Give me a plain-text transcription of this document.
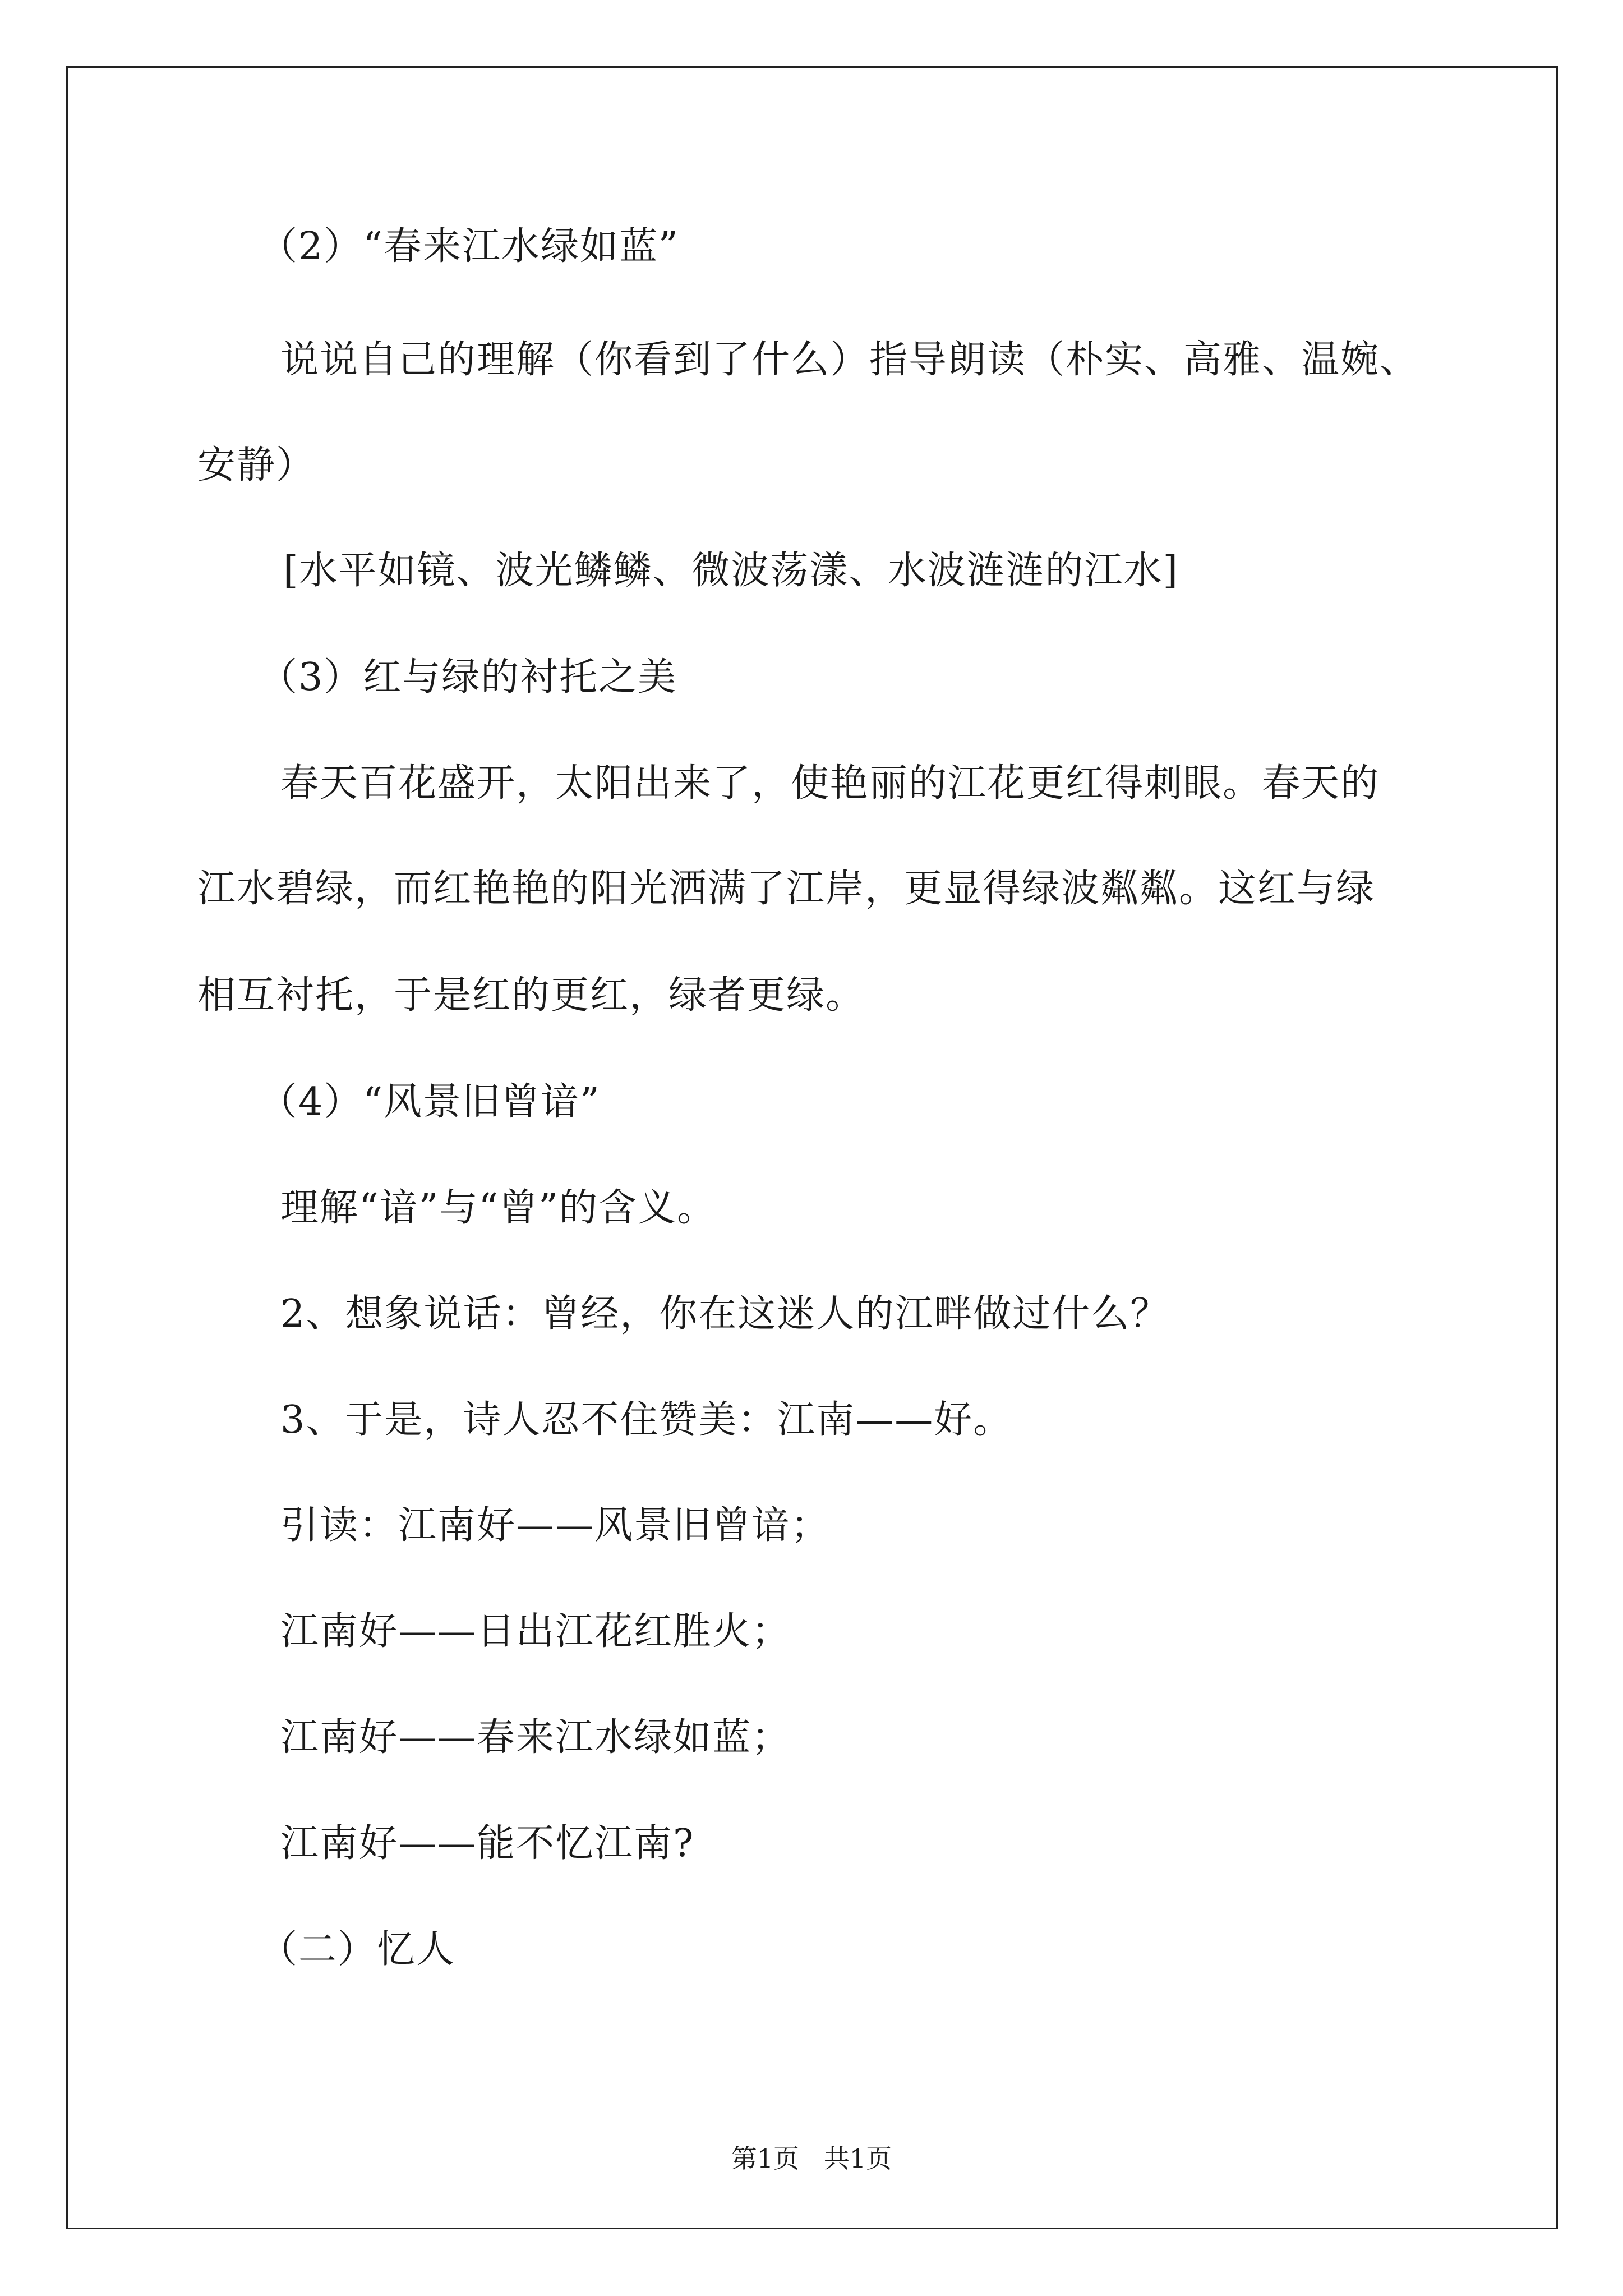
（2）“春来江水绿如蓝”
说说自己的理解（你看到了什么）指导朗读（朴实、高雅、温婉、
安静）
[水平如镜、波光鳞鳞、微波荡漾、水波涟涟的江水]
（3）红与绿的衬托之美
春天百花盛开，太阳出来了，使艳丽的江花更红得刺眼。春天的
江水碧绿，而红艳艳的阳光洒满了江岸，更显得绿波粼粼。这红与绿
相互衬托，于是红的更红，绿者更绿。
（4）“风景旧曾谙”
理解“谙”与“曾”的含义。
2、想象说话：曾经，你在这迷人的江畔做过什么？
3、于是，诗人忍不住赞美：江南——好。
引读：江南好——风景旧曾谙；
江南好——日出江花红胜火；
江南好——春来江水绿如蓝；
江南好——能不忆江南?
（二）忆人
第1页   共1页
